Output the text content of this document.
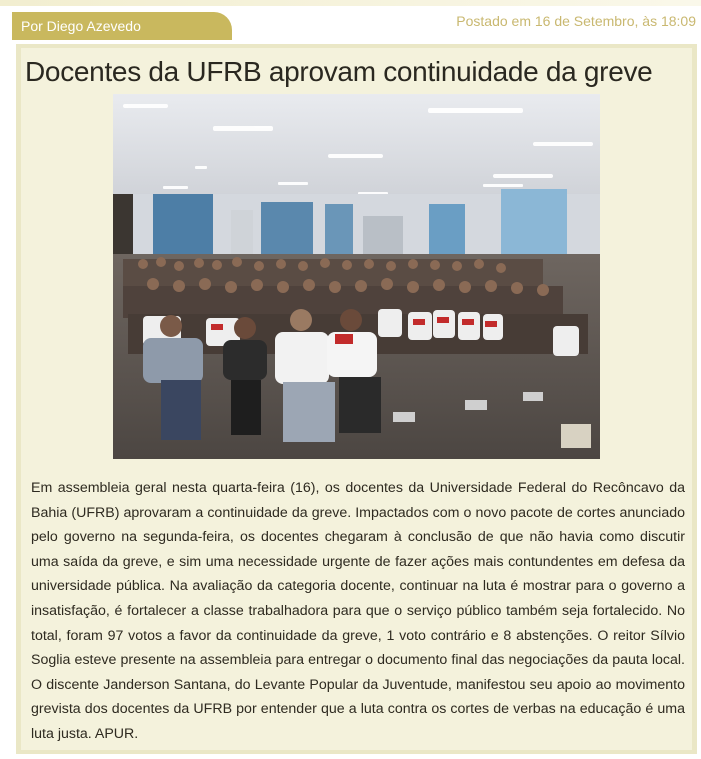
Por Diego Azevedo	Postado em 16 de Setembro, às 18:09
Docentes da UFRB aprovam continuidade da greve

Em assembleia geral nesta quarta-feira (16), os docentes da Universidade Federal do Recôncavo da Bahia (UFRB) aprovaram a continuidade da greve. Impactados com o novo pacote de cortes anunciado pelo governo na segunda-feira, os docentes chegaram à conclusão de que não havia como discutir uma saída da greve, e sim uma necessidade urgente de fazer ações mais contundentes em defesa da universidade pública. Na avaliação da categoria docente, continuar na luta é mostrar para o governo a insatisfação, é fortalecer a classe trabalhadora para que o serviço público também seja fortalecido. No total, foram 97 votos a favor da continuidade da greve, 1 voto contrário e 8 abstenções. O reitor Sílvio Soglia esteve presente na assembleia para entregar o documento final das negociações da pauta local. O discente Janderson Santana, do Levante Popular da Juventude, manifestou seu apoio ao movimento grevista dos docentes da UFRB por entender que a luta contra os cortes de verbas na educação é uma luta justa. APUR.
